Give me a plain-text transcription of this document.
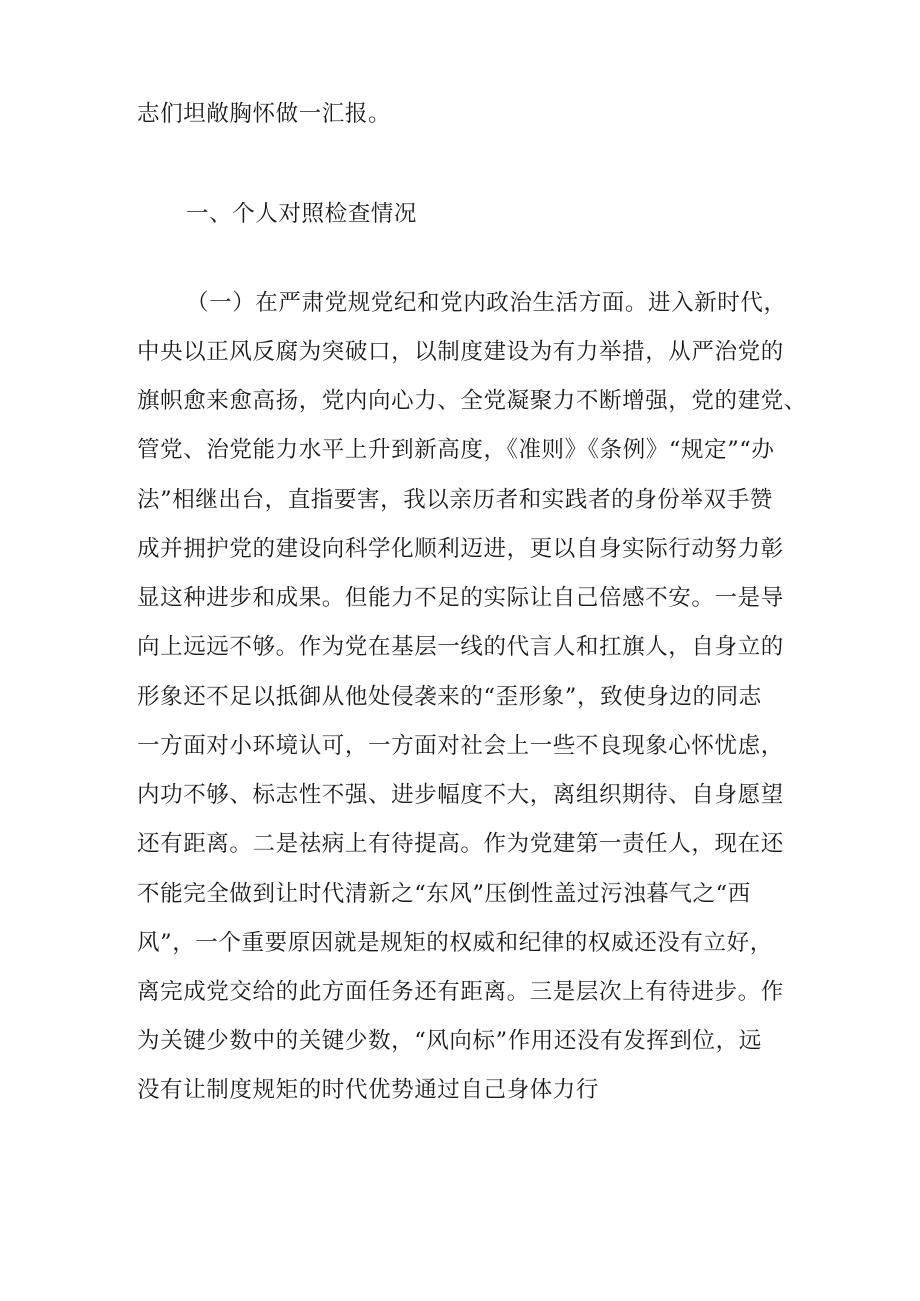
志们坦敞胸怀做一汇报。
一、个人对照检查情况
（一）在严肃党规党纪和党内政治生活方面。进入新时代，
中央以正风反腐为突破口，以制度建设为有力举措，从严治党的
旗帜愈来愈高扬，党内向心力、全党凝聚力不断增强，党的建党、
管党、治党能力水平上升到新高度，《准则》《条例》“规定”“办
法”相继出台，直指要害，我以亲历者和实践者的身份举双手赞
成并拥护党的建设向科学化顺利迈进，更以自身实际行动努力彰
显这种进步和成果。但能力不足的实际让自己倍感不安。一是导
向上远远不够。作为党在基层一线的代言人和扛旗人，自身立的
形象还不足以抵御从他处侵袭来的“歪形象”，致使身边的同志
一方面对小环境认可，一方面对社会上一些不良现象心怀忧虑，
内功不够、标志性不强、进步幅度不大，离组织期待、自身愿望
还有距离。二是祛病上有待提高。作为党建第一责任人，现在还
不能完全做到让时代清新之“东风”压倒性盖过污浊暮气之“西
风”，一个重要原因就是规矩的权威和纪律的权威还没有立好，
离完成党交给的此方面任务还有距离。三是层次上有待进步。作
为关键少数中的关键少数，“风向标”作用还没有发挥到位，远
没有让制度规矩的时代优势通过自己身体力行
